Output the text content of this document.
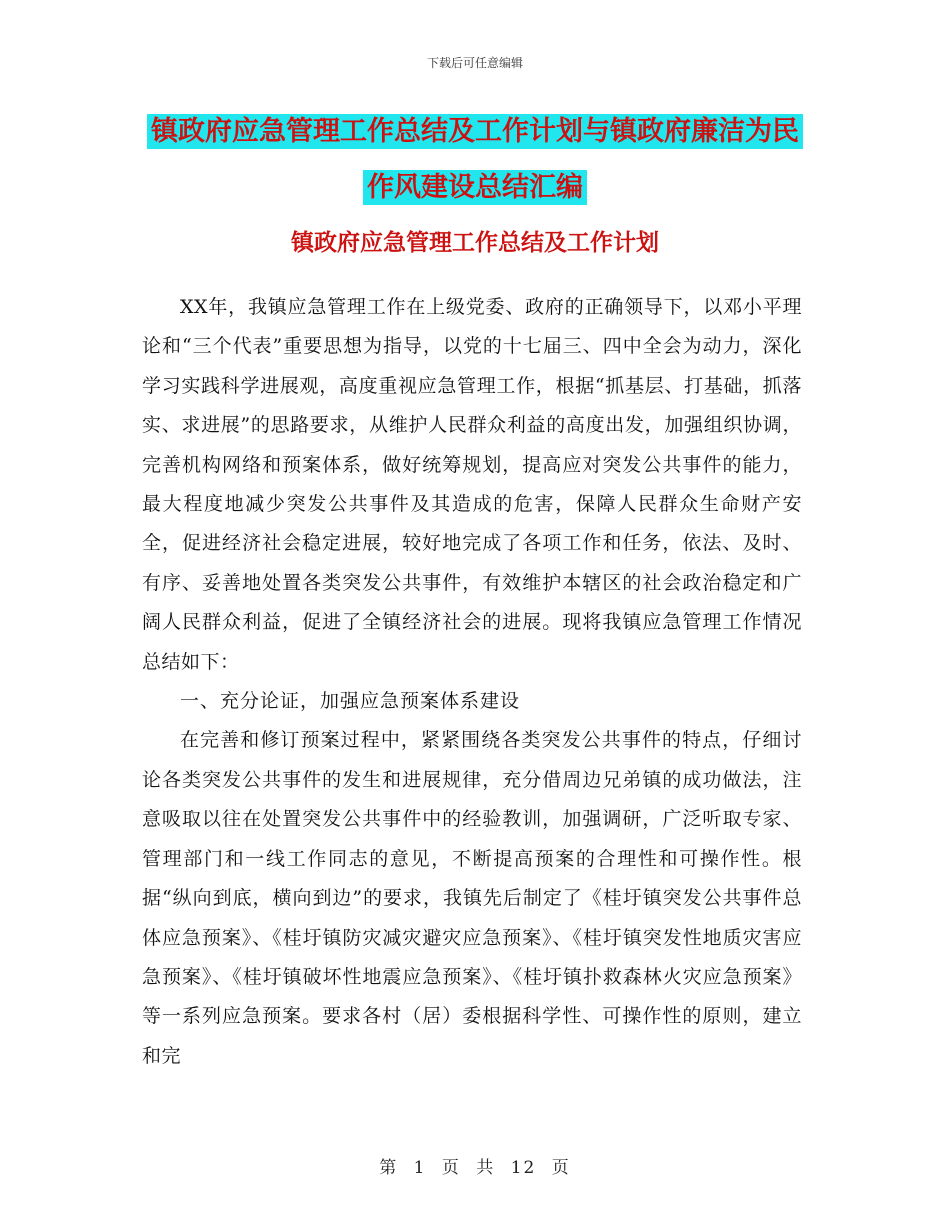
下载后可任意编辑
镇政府应急管理工作总结及工作计划与镇政府廉洁为民作风建设总结汇编
镇政府应急管理工作总结及工作计划

XX年，我镇应急管理工作在上级党委、政府的正确领导下，以邓小平理论和“三个代表”重要思想为指导，以党的十七届三、四中全会为动力，深化学习实践科学进展观，高度重视应急管理工作，根据“抓基层、打基础，抓落实、求进展”的思路要求，从维护人民群众利益的高度出发，加强组织协调，完善机构网络和预案体系，做好统筹规划，提高应对突发公共事件的能力，最大程度地减少突发公共事件及其造成的危害，保障人民群众生命财产安全，促进经济社会稳定进展，较好地完成了各项工作和任务，依法、及时、有序、妥善地处置各类突发公共事件，有效维护本辖区的社会政治稳定和广阔人民群众利益，促进了全镇经济社会的进展。现将我镇应急管理工作情况总结如下：

一、充分论证，加强应急预案体系建设

在完善和修订预案过程中，紧紧围绕各类突发公共事件的特点，仔细讨论各类突发公共事件的发生和进展规律，充分借周边兄弟镇的成功做法，注意吸取以往在处置突发公共事件中的经验教训，加强调研，广泛听取专家、管理部门和一线工作同志的意见，不断提高预案的合理性和可操作性。根据“纵向到底，横向到边”的要求，我镇先后制定了《桂圩镇突发公共事件总体应急预案》、《桂圩镇防灾减灾避灾应急预案》、《桂圩镇突发性地质灾害应急预案》、《桂圩镇破坏性地震应急预案》、《桂圩镇扑救森林火灾应急预案》等一系列应急预案。要求各村（居）委根据科学性、可操作性的原则，建立和完

第 1 页 共 12 页
